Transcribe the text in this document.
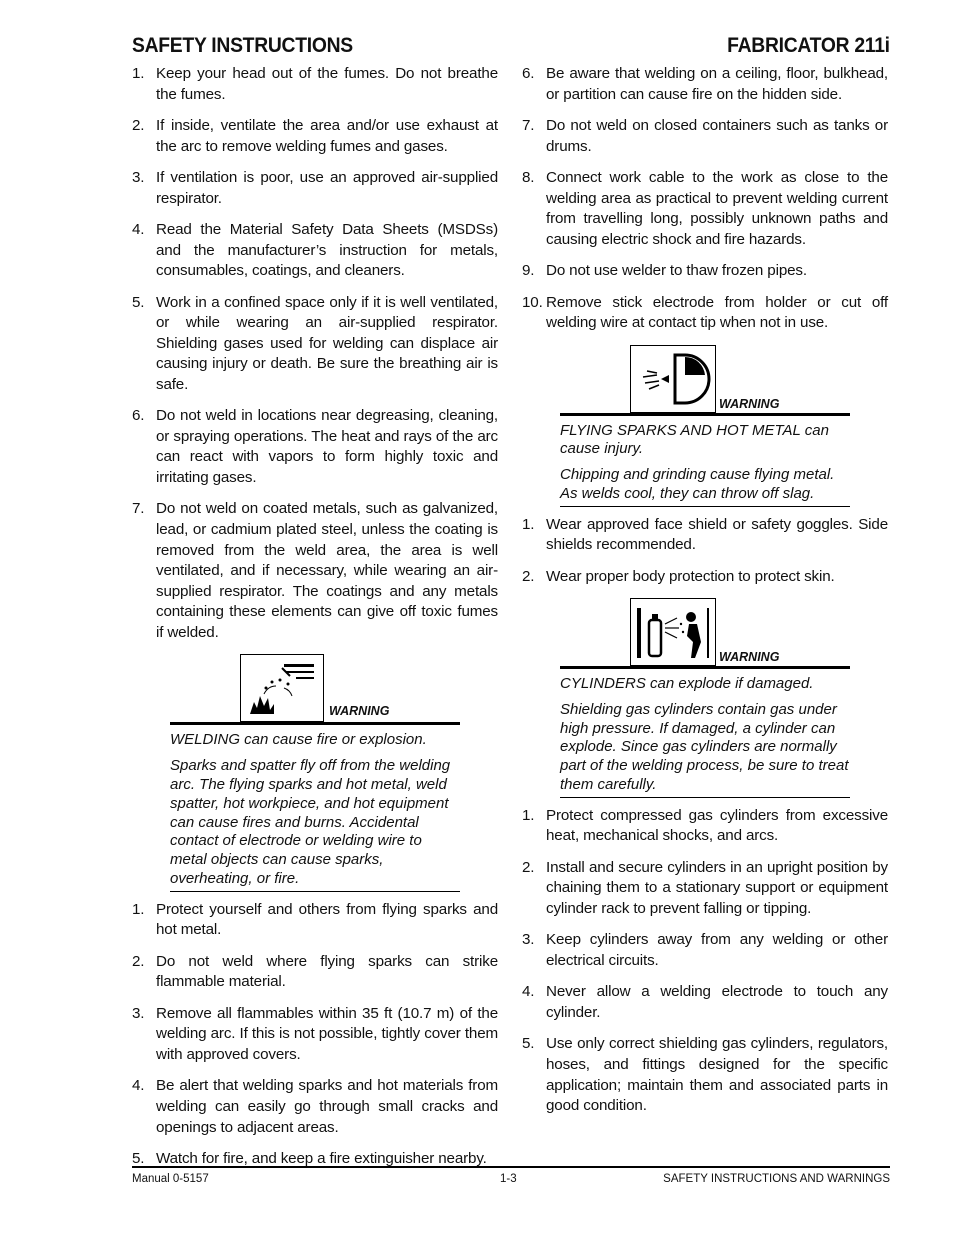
SAFETY INSTRUCTIONS	FABRICATOR 211i
1. Keep your head out of the fumes. Do not breathe the fumes.
2. If inside, ventilate the area and/or use exhaust at the arc to remove welding fumes and gases.
3. If ventilation is poor, use an approved air-supplied respirator.
4. Read the Material Safety Data Sheets (MSDSs) and the manufacturer’s instruction for metals, consumables, coatings, and cleaners.
5. Work in a confined space only if it is well ventilated, or while wearing an air-supplied respirator. Shielding gases used for welding can displace air causing injury or death. Be sure the breathing air is safe.
6. Do not weld in locations near degreasing, cleaning, or spraying operations. The heat and rays of the arc can react with vapors to form highly toxic and irritating gases.
7. Do not weld on coated metals, such as galvanized, lead, or cadmium plated steel, unless the coating is removed from the weld area, the area is well ventilated, and if necessary, while wearing an air-supplied respirator. The coatings and any metals containing these elements can give off toxic fumes if welded.
WARNING

WELDING can cause fire or explosion.

Sparks and spatter fly off from the welding arc. The flying sparks and hot metal, weld spatter, hot workpiece, and hot equipment can cause fires and burns. Accidental contact of electrode or welding wire to metal objects can cause sparks, overheating, or fire.

1. Protect yourself and others from flying sparks and hot metal.
2. Do not weld where flying sparks can strike flammable material.
3. Remove all flammables within 35 ft (10.7 m) of the welding arc. If this is not possible, tightly cover them with approved covers.
4. Be alert that welding sparks and hot materials from welding can easily go through small cracks and openings to adjacent areas.
5. Watch for fire, and keep a fire extinguisher nearby.
6. Be aware that welding on a ceiling, floor, bulkhead, or partition can cause fire on the hidden side.
7. Do not weld on closed containers such as tanks or drums.
8. Connect work cable to the work as close to the welding area as practical to prevent welding current from travelling long, possibly unknown paths and causing electric shock and fire hazards.
9. Do not use welder to thaw frozen pipes.
10. Remove stick electrode from holder or cut off welding wire at contact tip when not in use.
WARNING

FLYING SPARKS AND HOT METAL can cause injury.

Chipping and grinding cause flying metal. As welds cool, they can throw off slag.

1. Wear approved face shield or safety goggles. Side shields recommended.
2. Wear proper body protection to protect skin.
WARNING

CYLINDERS can explode if damaged.

Shielding gas cylinders contain gas under high pressure. If damaged, a cylinder can explode. Since gas cylinders are normally part of the welding process, be sure to treat them carefully.

1. Protect compressed gas cylinders from excessive heat, mechanical shocks, and arcs.
2. Install and secure cylinders in an upright position by chaining them to a stationary support or equipment cylinder rack to prevent falling or tipping.
3. Keep cylinders away from any welding or other electrical circuits.
4. Never allow a welding electrode to touch any cylinder.
5. Use only correct shielding gas cylinders, regulators, hoses, and fittings designed for the specific application; maintain them and associated parts in good condition.
Manual 0-5157	1-3	SAFETY INSTRUCTIONS AND WARNINGS
